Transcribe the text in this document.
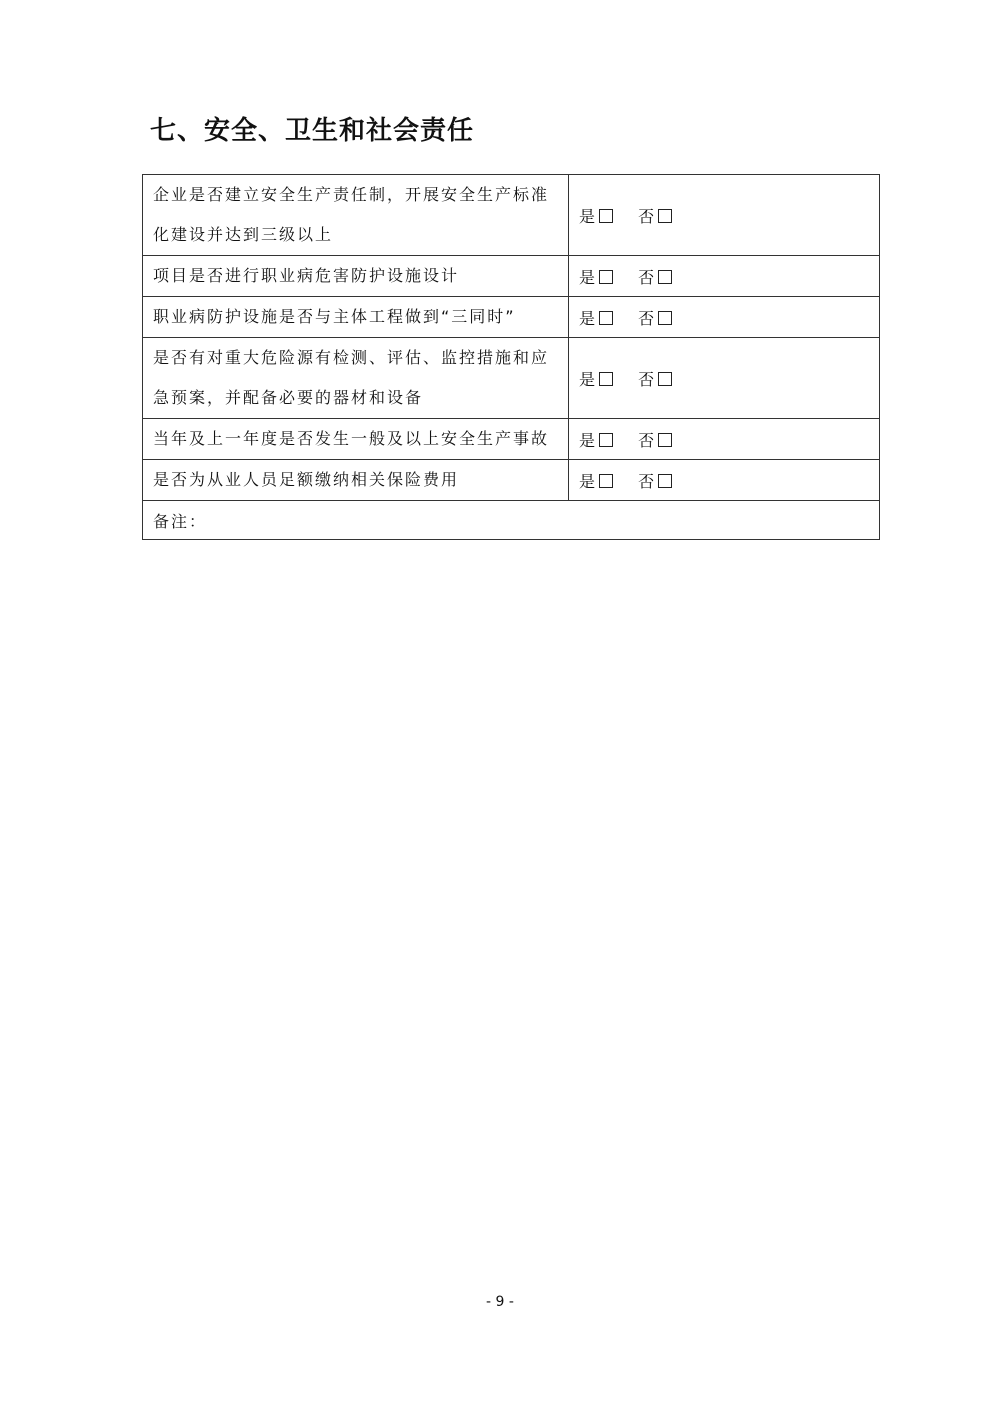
七、安全、卫生和社会责任
企业是否建立安全生产责任制，开展安全生产标准化建设并达到三级以上	是 否
项目是否进行职业病危害防护设施设计	是 否
职业病防护设施是否与主体工程做到“三同时”	是 否
是否有对重大危险源有检测、评估、监控措施和应急预案，并配备必要的器材和设备	是 否
当年及上一年度是否发生一般及以上安全生产事故	是 否
是否为从业人员足额缴纳相关保险费用	是 否
备注：	
- 9 -
